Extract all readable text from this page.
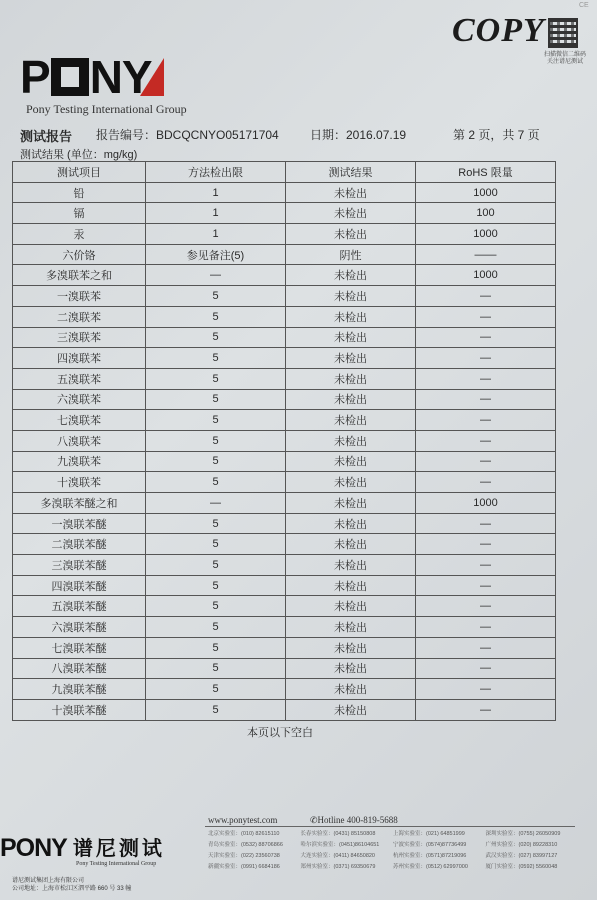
CE
COPY
扫描微信二维码 关注谱尼测试
P NY
Pony Testing International Group
测试报告 报告编号：BDCQCNYO05171704	日期：2016.07.19	第 2 页，共 7 页
测试结果 (单位：mg/kg)
测试项目	方法检出限	测试结果	RoHS 限量
铅	1	未检出	1000
镉	1	未检出	100
汞	1	未检出	1000
六价铬	参见备注(5)	阴性	——
多溴联苯之和	—	未检出	1000
一溴联苯	5	未检出	—
二溴联苯	5	未检出	—
三溴联苯	5	未检出	—
四溴联苯	5	未检出	—
五溴联苯	5	未检出	—
六溴联苯	5	未检出	—
七溴联苯	5	未检出	—
八溴联苯	5	未检出	—
九溴联苯	5	未检出	—
十溴联苯	5	未检出	—
多溴联苯醚之和	—	未检出	1000
一溴联苯醚	5	未检出	—
二溴联苯醚	5	未检出	—
三溴联苯醚	5	未检出	—
四溴联苯醚	5	未检出	—
五溴联苯醚	5	未检出	—
六溴联苯醚	5	未检出	—
七溴联苯醚	5	未检出	—
八溴联苯醚	5	未检出	—
九溴联苯醚	5	未检出	—
十溴联苯醚	5	未检出	—
本页以下空白
www.ponytest.com	✆Hotline 400-819-5688
北京实验室：(010) 82615110	长春实验室：(0431) 85150808	上海实验室：(021) 64851999	深圳实验室：(0755) 26050909
青岛实验室：(0532) 88706866	哈尔滨实验室：(0451)86104651	宁波实验室：(0574)87736499	广州实验室：(020) 89228310
天津实验室：(022) 23560738	大连实验室：(0411) 84650820	杭州实验室：(0571)87219096	武汉实验室：(027) 83997127
新疆实验室：(0991) 6684186	郑州实验室：(0371) 69350679	苏州实验室：(0512) 62997000	厦门实验室：(0592) 5560048
PONY 谱尼测试
Pony Testing International Group
谱尼测试集团上海有限公司
公司地址：上海市松江区泗平路 660 号 33 幢
